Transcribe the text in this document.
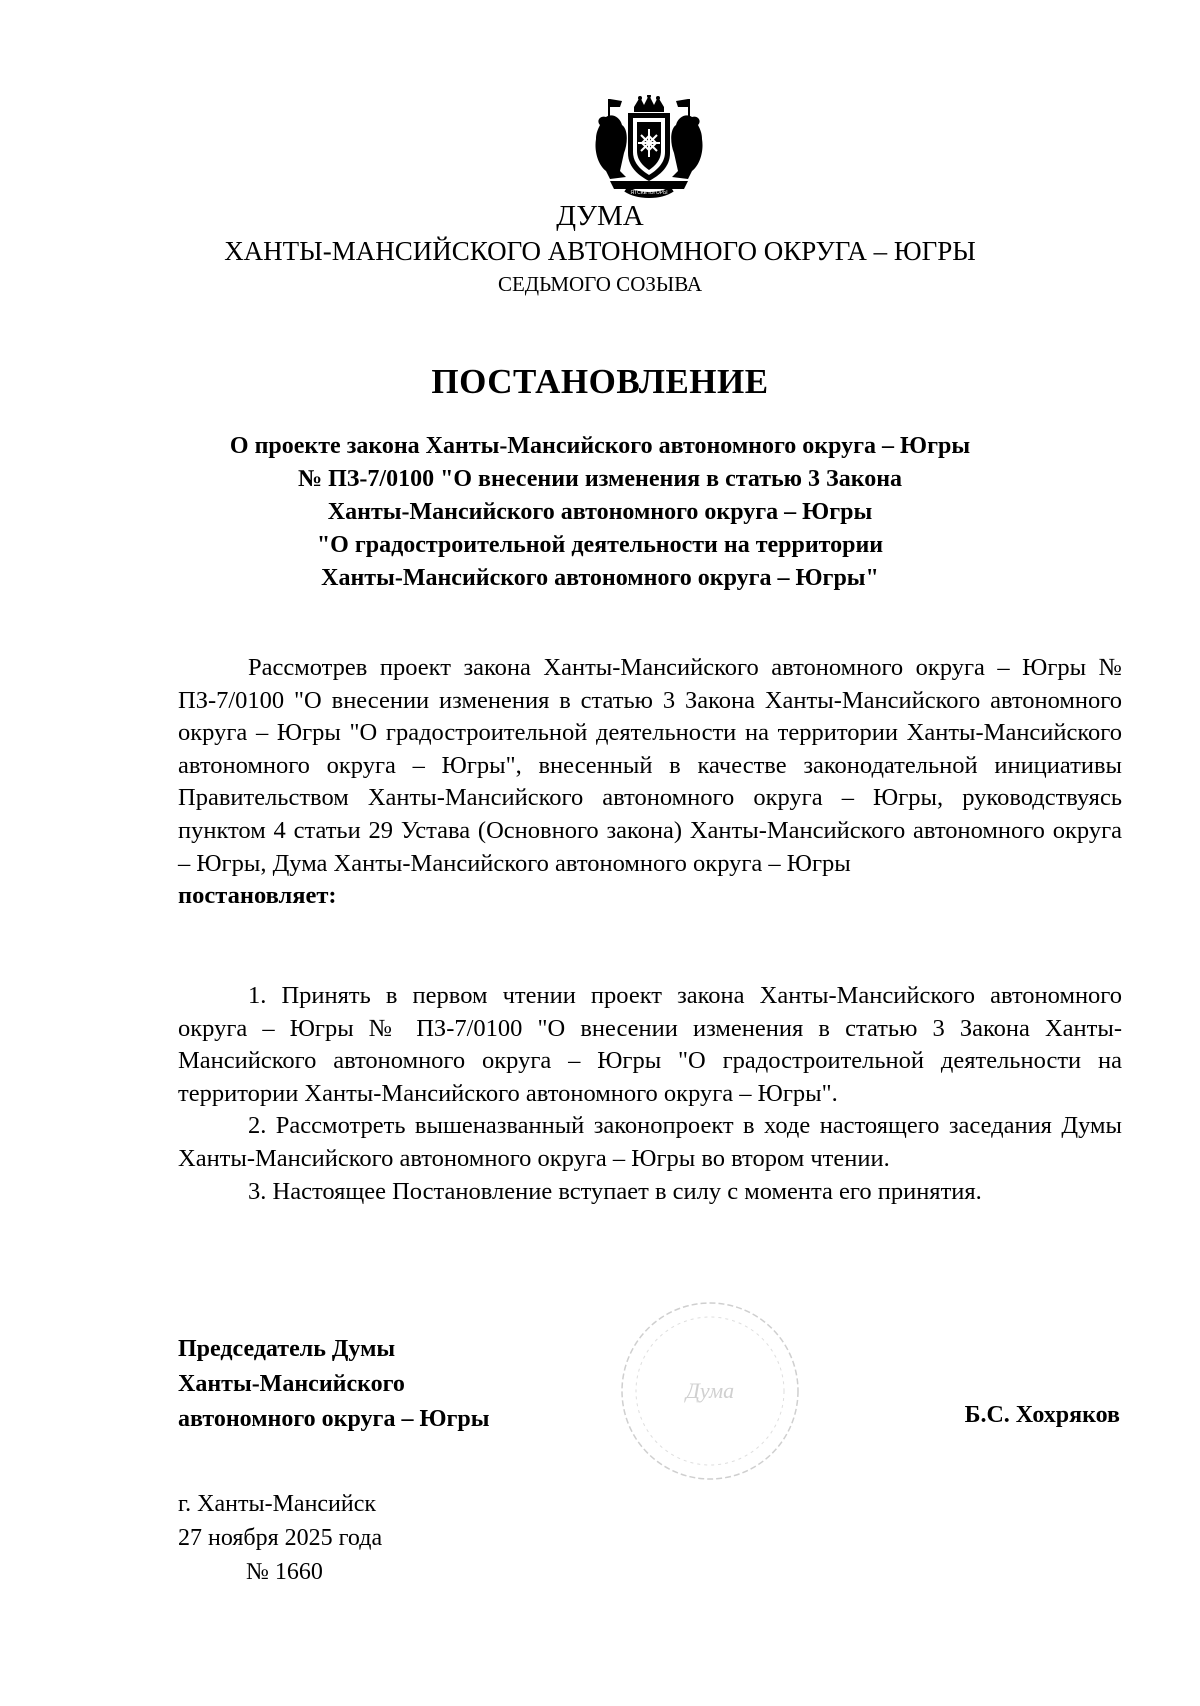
ЯТСКЕ ЮГОРЫ
ДУМА
ХАНТЫ-МАНСИЙСКОГО АВТОНОМНОГО ОКРУГА – ЮГРЫ
СЕДЬМОГО СОЗЫВА
ПОСТАНОВЛЕНИЕ
О проекте закона Ханты-Мансийского автономного округа – Югры
№ ПЗ-7/0100 "О внесении изменения в статью 3 Закона
Ханты-Мансийского автономного округа – Югры
"О градостроительной деятельности на территории
Ханты-Мансийского автономного округа – Югры"

Рассмотрев проект закона Ханты-Мансийского автономного округа – Югры № ПЗ-7/0100 "О внесении изменения в статью 3 Закона Ханты-Мансийского автономного округа – Югры "О градостроительной деятельности на территории Ханты-Мансийского автономного округа – Югры", внесенный в качестве законодательной инициативы Правительством Ханты-Мансийского автономного округа – Югры, руководствуясь пунктом 4 статьи 29 Устава (Основного закона) Ханты-Мансийского автономного округа – Югры, Дума Ханты-Мансийского автономного округа – Югры
постановляет:

1. Принять в первом чтении проект закона Ханты-Мансийского автономного округа – Югры № ПЗ-7/0100 "О внесении изменения в статью 3 Закона Ханты-Мансийского автономного округа – Югры "О градостроительной деятельности на территории Ханты-Мансийского автономного округа – Югры".

2. Рассмотреть вышеназванный законопроект в ходе настоящего заседания Думы Ханты-Мансийского автономного округа – Югры во втором чтении.

3. Настоящее Постановление вступает в силу с момента его принятия.

Дума
Председатель Думы
Ханты-Мансийского
автономного округа – Югры	Б.С. Хохряков
г. Ханты-Мансийск
27 ноября 2025 года
№ 1660
